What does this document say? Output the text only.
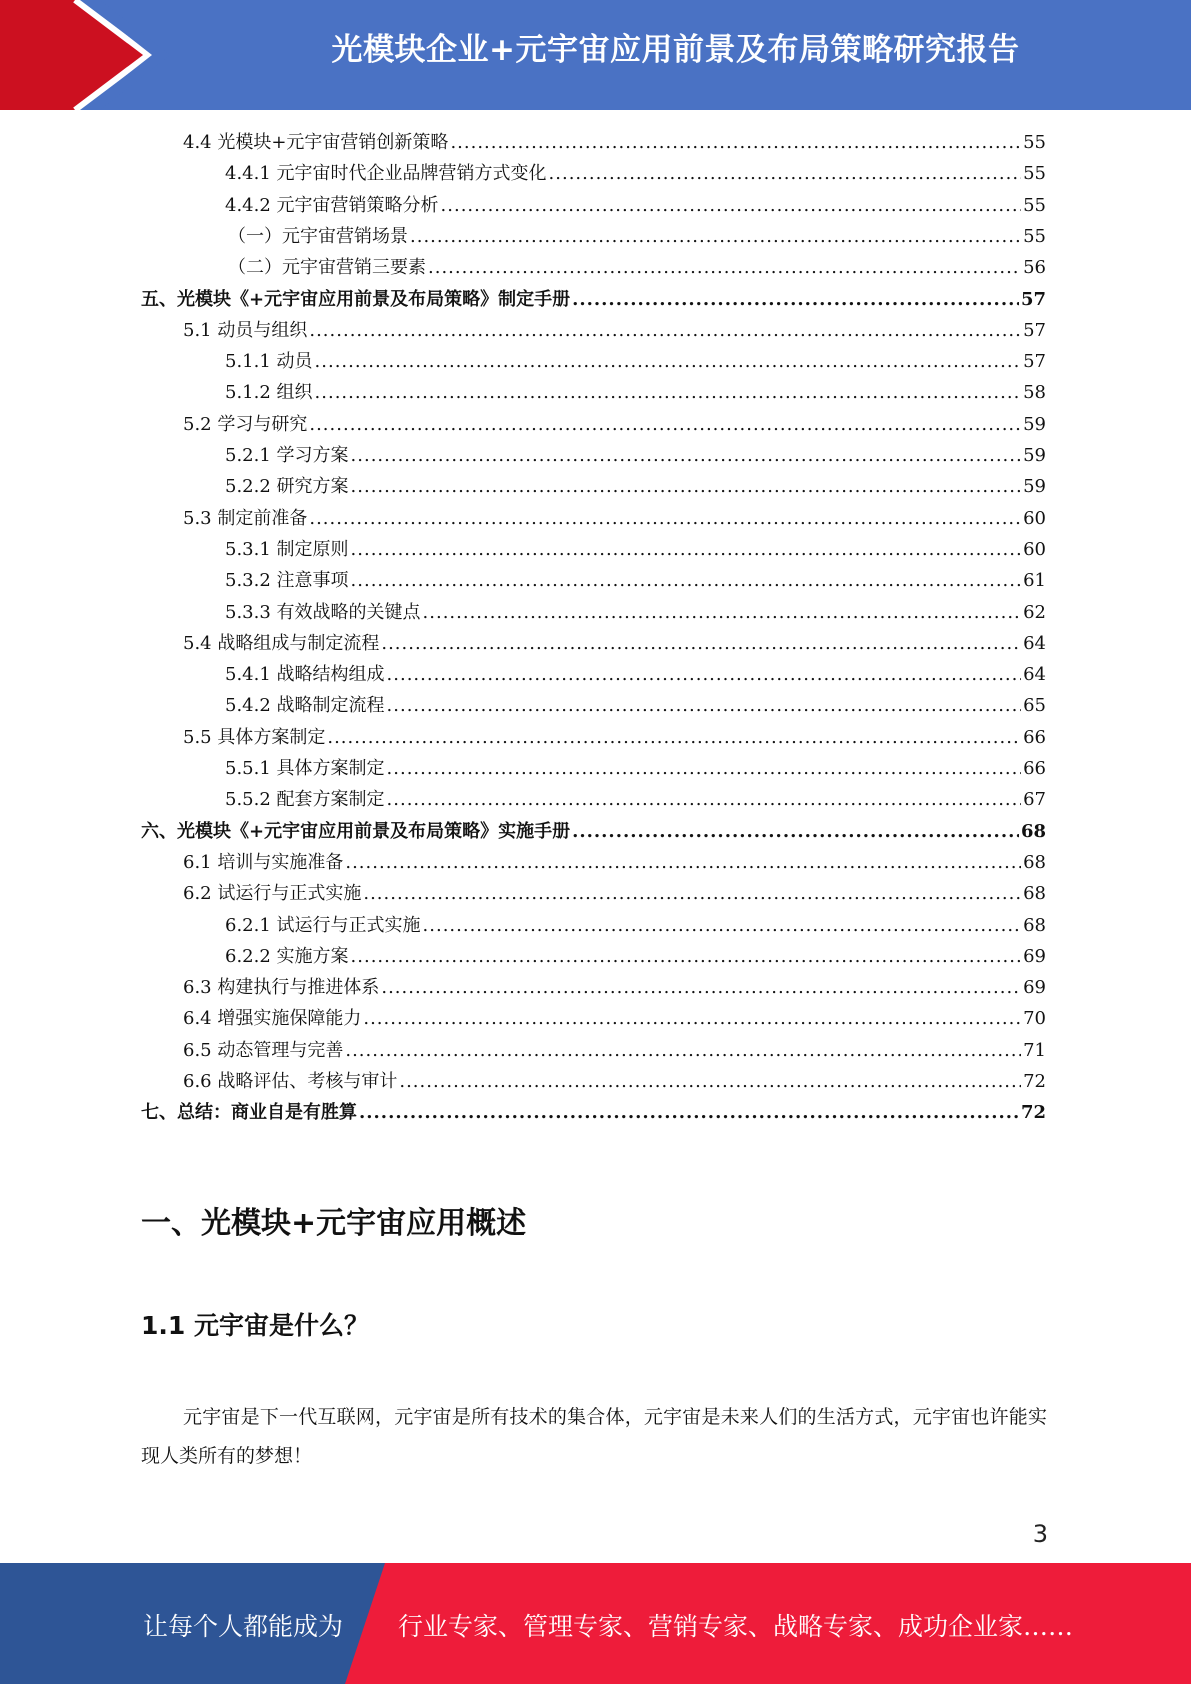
光模块企业+元宇宙应用前景及布局策略研究报告
4.4 光模块+元宇宙营销创新策略 .....	55
4.4.1 元宇宙时代企业品牌营销方式变化 .....	55
4.4.2 元宇宙营销策略分析 .....	55
（一）元宇宙营销场景 .....	55
（二）元宇宙营销三要素 .....	56
五、光模块《+元宇宙应用前景及布局策略》制定手册 .....	57
5.1 动员与组织 .....	57
5.1.1 动员 .....	57
5.1.2 组织 .....	58
5.2 学习与研究 .....	59
5.2.1 学习方案 .....	59
5.2.2 研究方案 .....	59
5.3 制定前准备 .....	60
5.3.1 制定原则 .....	60
5.3.2 注意事项 .....	61
5.3.3 有效战略的关键点 .....	62
5.4 战略组成与制定流程 .....	64
5.4.1 战略结构组成 .....	64
5.4.2 战略制定流程 .....	65
5.5 具体方案制定 .....	66
5.5.1 具体方案制定 .....	66
5.5.2 配套方案制定 .....	67
六、光模块《+元宇宙应用前景及布局策略》实施手册 .....	68
6.1 培训与实施准备 .....	68
6.2 试运行与正式实施 .....	68
6.2.1 试运行与正式实施 .....	68
6.2.2 实施方案 .....	69
6.3 构建执行与推进体系 .....	69
6.4 增强实施保障能力 .....	70
6.5 动态管理与完善 .....	71
6.6 战略评估、考核与审计 .....	72
七、总结：商业自是有胜算 .....	72
一、光模块+元宇宙应用概述
1.1 元宇宙是什么？
元宇宙是下一代互联网，元宇宙是所有技术的集合体，元宇宙是未来人们的生活方式，元宇宙也许能实现人类所有的梦想！
3
让每个人都能成为 行业专家、管理专家、营销专家、战略专家、成功企业家……
